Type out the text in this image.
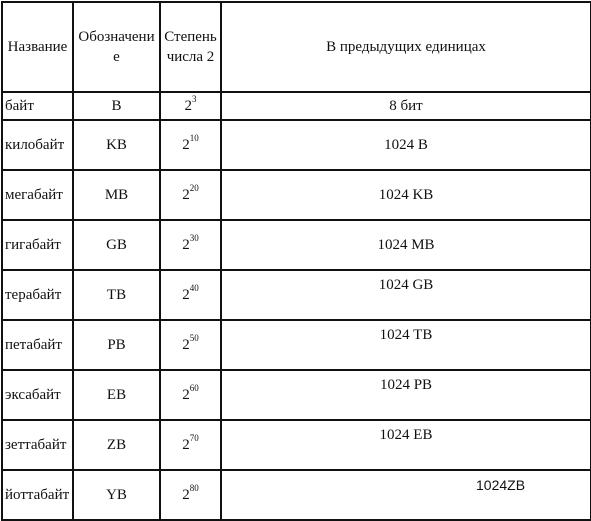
Название	Обозначение	Степень числа 2	В предыдущих единицах
байт	B	$2^3$	8 бит
килобайт	KB	$2^{10}$	1024 B
мегабайт	MB	$2^{20}$	1024 KB
гигабайт	GB	$2^{30}$	1024 MB
терабайт	TB	$2^{40}$	1024 GB
петабайт	PB	$2^{50}$	1024 TB
эксабайт	EB	$2^{60}$	1024 PB
зеттабайт	ZB	$2^{70}$	1024 EB
йоттабайт	YB	$2^{80}$	1024ZB
